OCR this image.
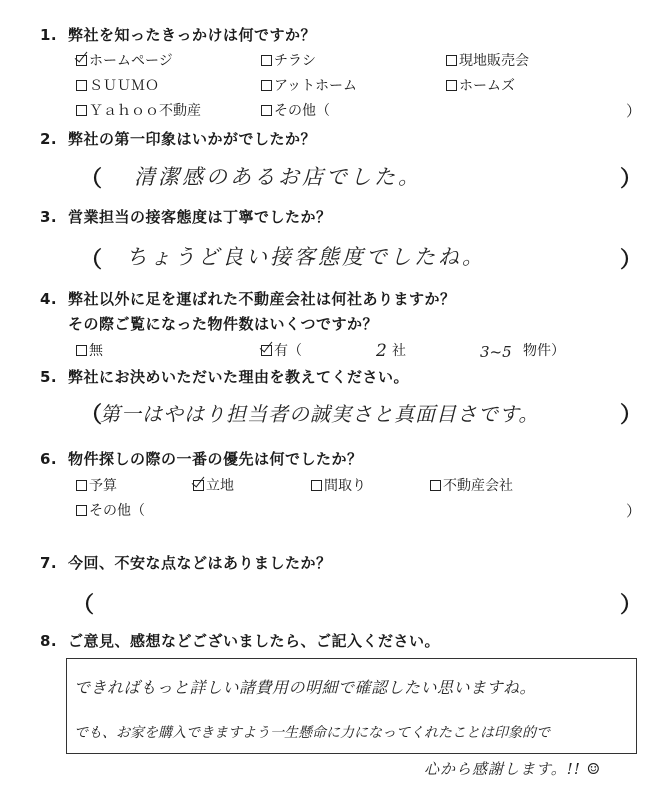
1. 弊社を知ったきっかけは何ですか？
ホームページ	チラシ	現地販売会
ＳＵＵＭＯ	アットホーム	ホームズ
Ｙａｈｏｏ不動産	その他（	）
2. 弊社の第一印象はいかがでしたか？
（ 清潔感のあるお店でした。	）
3. 営業担当の接客態度は丁寧でしたか？
（ ちょうど良い接客態度でしたね。	）
4. 弊社以外に足を運ばれた不動産会社は何社ありますか？
その際ご覧になった物件数はいくつですか？
無	有（	2 社	3~5 物件）
5. 弊社にお決めいただいた理由を教えてください。
（
第一はやはり担当者の誠実さと真面目さです。	）
6. 物件探しの際の一番の優先は何でしたか？
予算	立地	間取り	不動産会社
その他（	）
7. 今回、不安な点などはありましたか？
（	）
8. ご意見、感想などございましたら、ご記入ください。
できればもっと詳しい諸費用の明細で確認したい思いますね。
でも、お家を購入できますよう一生懸命に力になってくれたことは印象的で
心から感謝します。!! ☺
